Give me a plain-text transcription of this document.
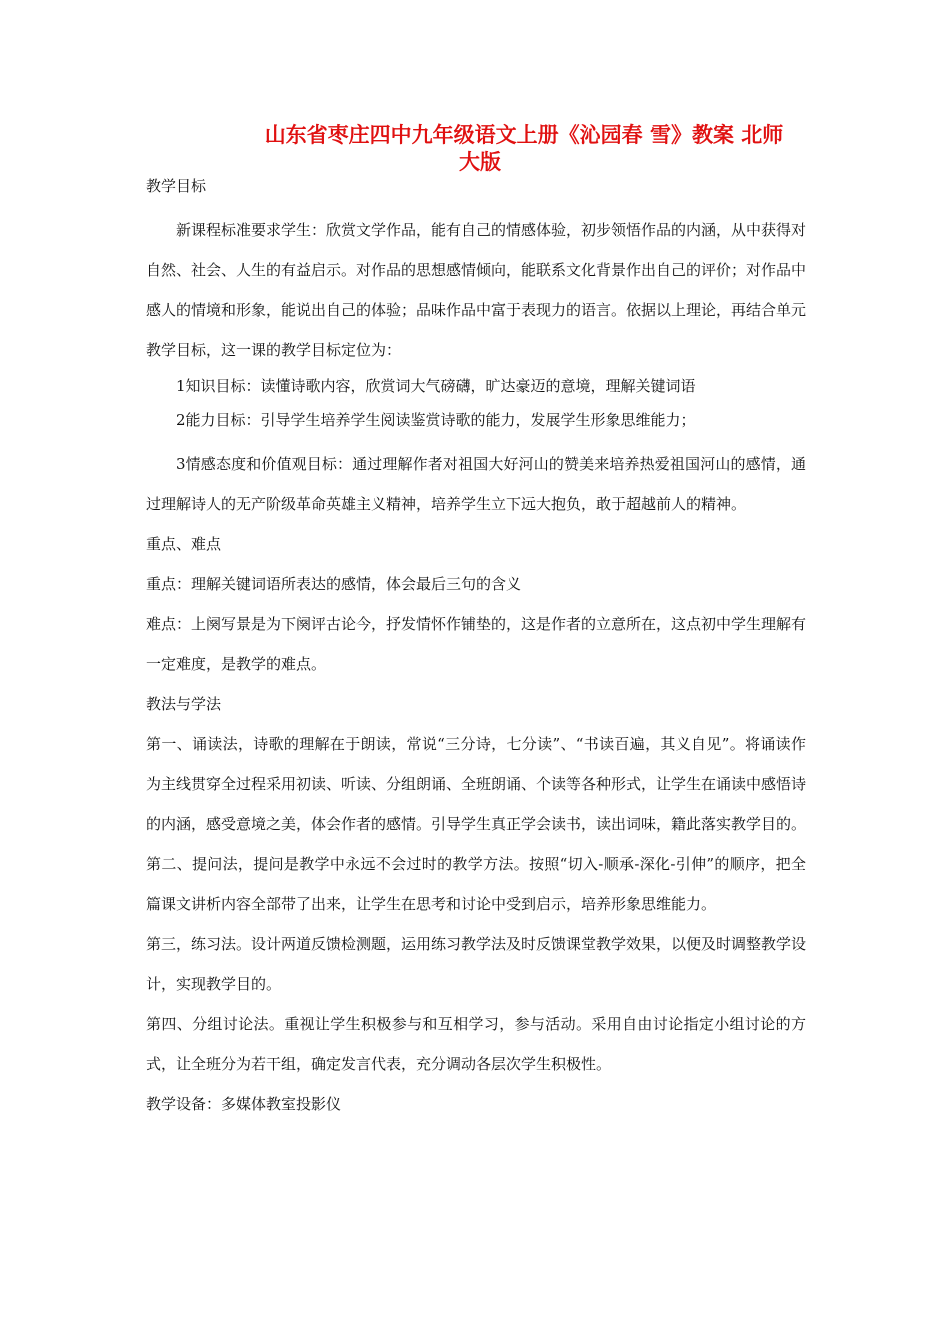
山东省枣庄四中九年级语文上册《沁园春 雪》教案 北师
大版

教学目标

新课程标准要求学生：欣赏文学作品，能有自己的情感体验，初步领悟作品的内涵，从中获得对自然、社会、人生的有益启示。对作品的思想感情倾向，能联系文化背景作出自己的评价；对作品中感人的情境和形象，能说出自己的体验；品味作品中富于表现力的语言。依据以上理论，再结合单元教学目标，这一课的教学目标定位为：

1知识目标：读懂诗歌内容，欣赏词大气磅礴，旷达豪迈的意境，理解关键词语

2能力目标：引导学生培养学生阅读鉴赏诗歌的能力，发展学生形象思维能力；

3情感态度和价值观目标：通过理解作者对祖国大好河山的赞美来培养热爱祖国河山的感情，通过理解诗人的无产阶级革命英雄主义精神，培养学生立下远大抱负，敢于超越前人的精神。

重点、难点

重点：理解关键词语所表达的感情，体会最后三句的含义

难点：上阕写景是为下阕评古论今，抒发情怀作铺垫的，这是作者的立意所在，这点初中学生理解有一定难度，是教学的难点。

教法与学法

第一、诵读法，诗歌的理解在于朗读，常说“三分诗，七分读”、“书读百遍，其义自见”。将诵读作为主线贯穿全过程采用初读、听读、分组朗诵、全班朗诵、个读等各种形式，让学生在诵读中感悟诗的内涵，感受意境之美，体会作者的感情。引导学生真正学会读书，读出词味，籍此落实教学目的。

第二、提问法，提问是教学中永远不会过时的教学方法。按照“切入-顺承-深化-引伸”的顺序，把全篇课文讲析内容全部带了出来，让学生在思考和讨论中受到启示，培养形象思维能力。

第三，练习法。设计两道反馈检测题，运用练习教学法及时反馈课堂教学效果，以便及时调整教学设计，实现教学目的。

第四、分组讨论法。重视让学生积极参与和互相学习，参与活动。采用自由讨论指定小组讨论的方式，让全班分为若干组，确定发言代表，充分调动各层次学生积极性。

教学设备：多媒体教室投影仪
